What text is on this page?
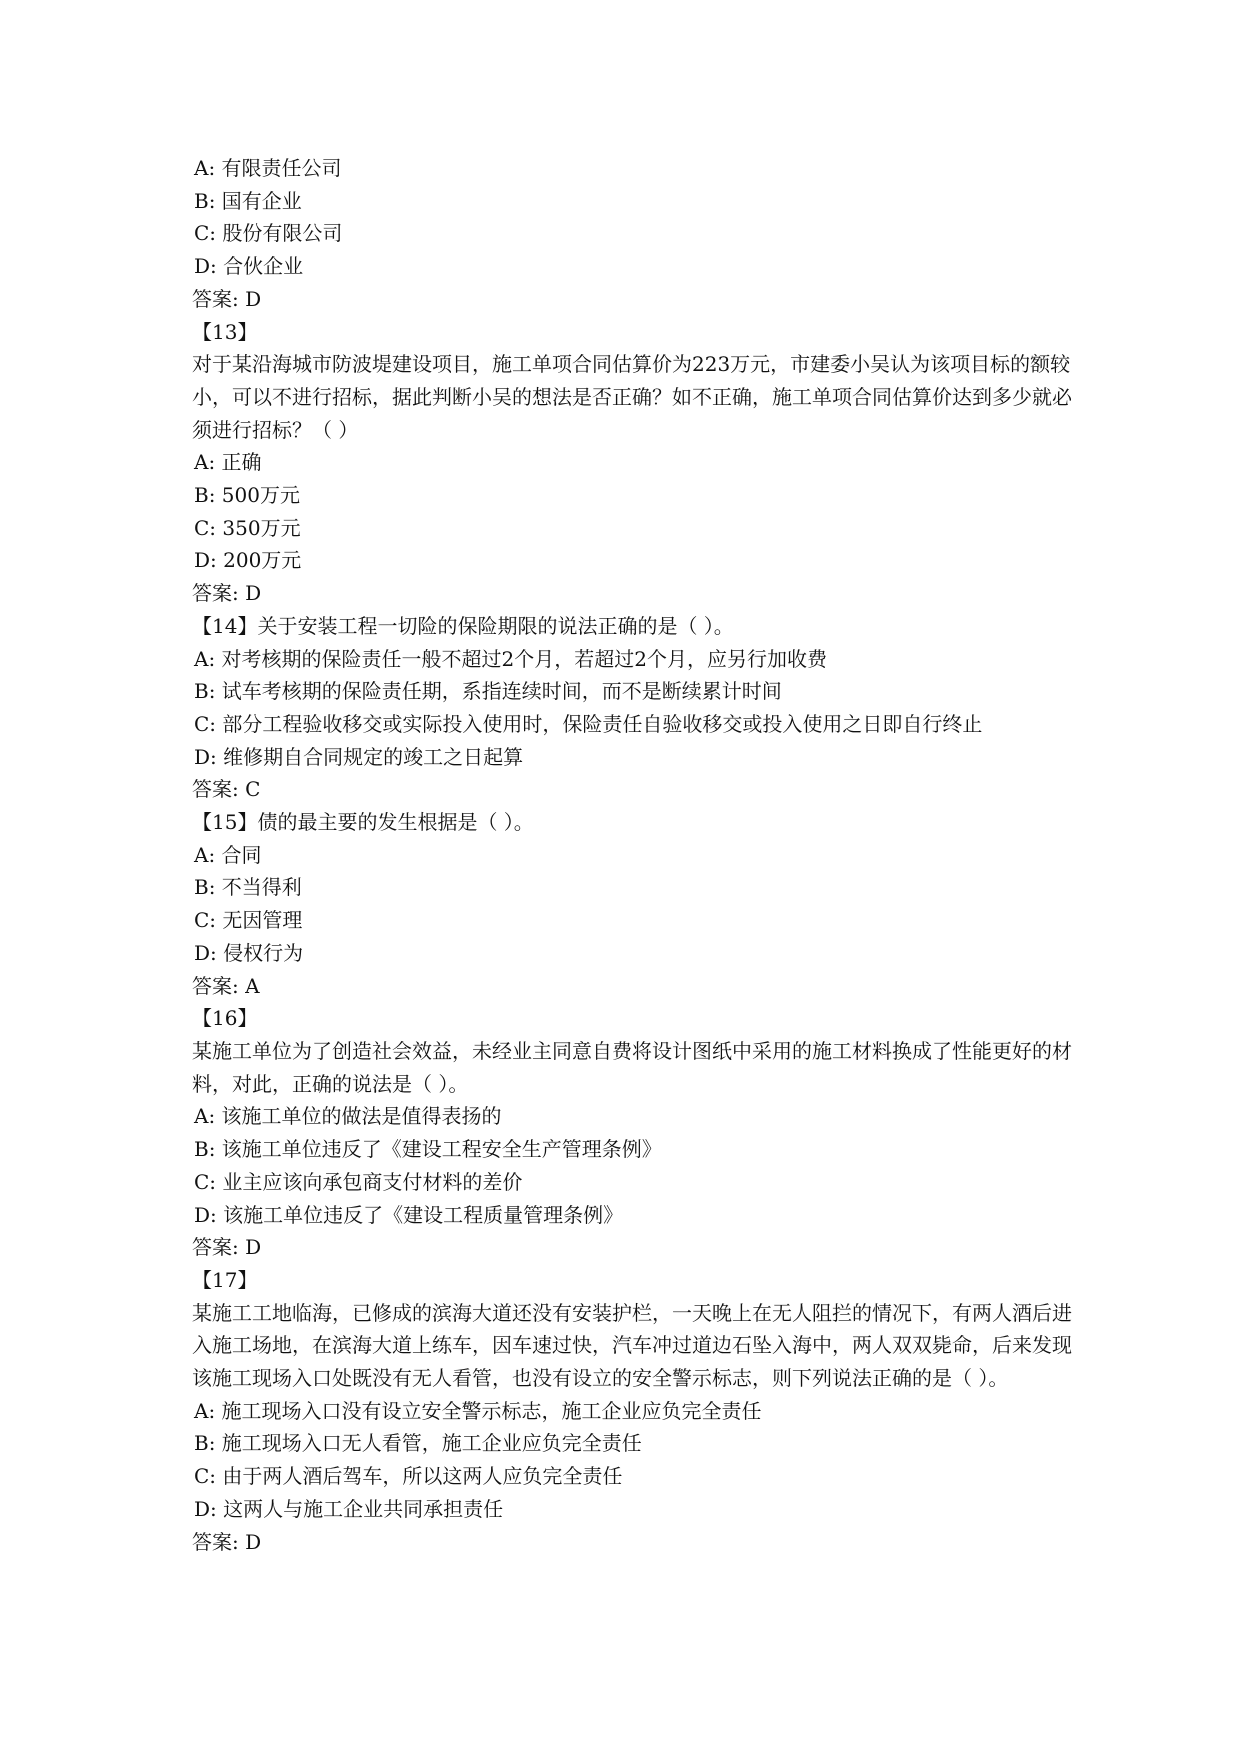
A: 有限责任公司
B: 国有企业
C: 股份有限公司
D: 合伙企业
答案: D
【13】
对于某沿海城市防波堤建设项目，施工单项合同估算价为223万元，市建委小吴认为该项目标的额较小，可以不进行招标，据此判断小吴的想法是否正确？如不正确，施工单项合同估算价达到多少就必须进行招标？（ ）
A: 正确
B: 500万元
C: 350万元
D: 200万元
答案: D
【14】关于安装工程一切险的保险期限的说法正确的是（ ）。
A: 对考核期的保险责任一般不超过2个月，若超过2个月，应另行加收费
B: 试车考核期的保险责任期，系指连续时间，而不是断续累计时间
C: 部分工程验收移交或实际投入使用时，保险责任自验收移交或投入使用之日即自行终止
D: 维修期自合同规定的竣工之日起算
答案: C
【15】债的最主要的发生根据是（ ）。
A: 合同
B: 不当得利
C: 无因管理
D: 侵权行为
答案: A
【16】
某施工单位为了创造社会效益，未经业主同意自费将设计图纸中采用的施工材料换成了性能更好的材料，对此，正确的说法是（ ）。
A: 该施工单位的做法是值得表扬的
B: 该施工单位违反了《建设工程安全生产管理条例》
C: 业主应该向承包商支付材料的差价
D: 该施工单位违反了《建设工程质量管理条例》
答案: D
【17】
某施工工地临海，已修成的滨海大道还没有安装护栏，一天晚上在无人阻拦的情况下，有两人酒后进入施工场地，在滨海大道上练车，因车速过快，汽车冲过道边石坠入海中，两人双双毙命，后来发现该施工现场入口处既没有无人看管，也没有设立的安全警示标志，则下列说法正确的是（ ）。
A: 施工现场入口没有设立安全警示标志，施工企业应负完全责任
B: 施工现场入口无人看管，施工企业应负完全责任
C: 由于两人酒后驾车，所以这两人应负完全责任
D: 这两人与施工企业共同承担责任
答案: D
